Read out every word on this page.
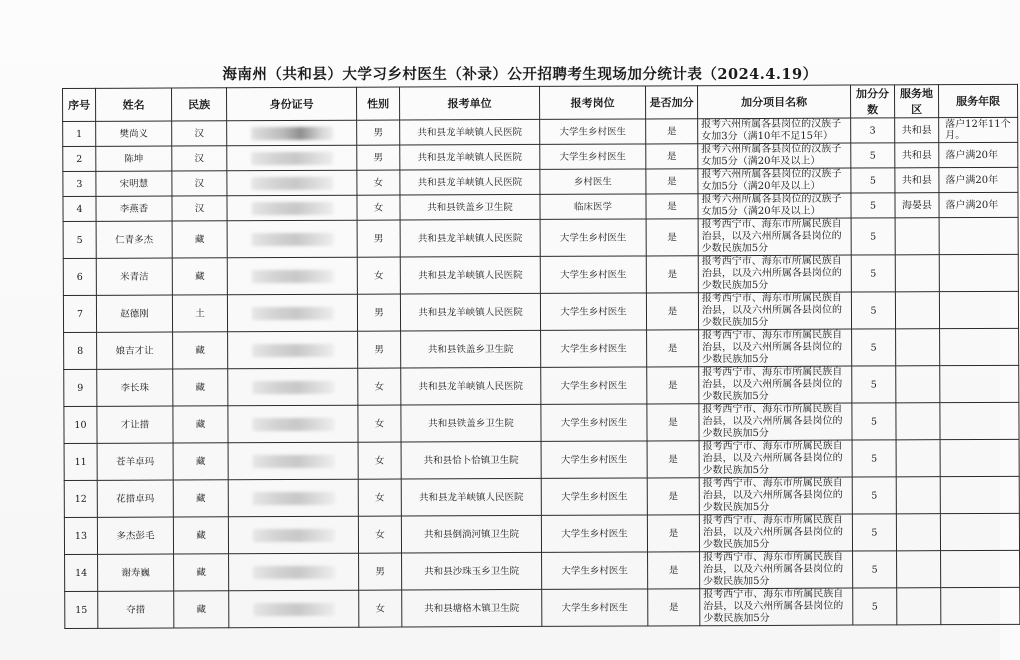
海南州（共和县）大学习乡村医生（补录）公开招聘考生现场加分统计表（2024.4.19）
序号	姓名	民族	身份证号	性别	报考单位	报考岗位	是否加分	加分项目名称	加分分数	服务地区	服务年限
1	樊尚义	汉		男	共和县龙羊峡镇人民医院	大学生乡村医生	是	报考六州所属各县岗位的汉族子女加3分（满10年不足15年）	3	共和县	落户12年11个月。
2	陈坤	汉		男	共和县龙羊峡镇人民医院	大学生乡村医生	是	报考六州所属各县岗位的汉族子女加5分（满20年及以上）	5	共和县	落户满20年
3	宋明慧	汉		女	共和县龙羊峡镇人民医院	乡村医生	是	报考六州所属各县岗位的汉族子女加5分（满20年及以上）	5	共和县	落户满20年
4	李燕香	汉		女	共和县铁盖乡卫生院	临床医学	是	报考六州所属各县岗位的汉族子女加5分（满20年及以上）	5	海晏县	落户满20年
5	仁青多杰	藏		男	共和县龙羊峡镇人民医院	大学生乡村医生	是	报考西宁市、海东市所属民族自治县，以及六州所属各县岗位的少数民族加5分	5		
6	米青洁	藏		女	共和县龙羊峡镇人民医院	大学生乡村医生	是	报考西宁市、海东市所属民族自治县，以及六州所属各县岗位的少数民族加5分	5		
7	赵德刚	土		男	共和县龙羊峡镇人民医院	大学生乡村医生	是	报考西宁市、海东市所属民族自治县，以及六州所属各县岗位的少数民族加5分	5		
8	娘吉才让	藏		男	共和县铁盖乡卫生院	大学生乡村医生	是	报考西宁市、海东市所属民族自治县，以及六州所属各县岗位的少数民族加5分	5		
9	李长珠	藏		女	共和县龙羊峡镇人民医院	大学生乡村医生	是	报考西宁市、海东市所属民族自治县，以及六州所属各县岗位的少数民族加5分	5		
10	才让措	藏		女	共和县铁盖乡卫生院	大学生乡村医生	是	报考西宁市、海东市所属民族自治县，以及六州所属各县岗位的少数民族加5分	5		
11	苍羊卓玛	藏		女	共和县恰卜恰镇卫生院	大学生乡村医生	是	报考西宁市、海东市所属民族自治县，以及六州所属各县岗位的少数民族加5分	5		
12	花措卓玛	藏		女	共和县龙羊峡镇人民医院	大学生乡村医生	是	报考西宁市、海东市所属民族自治县，以及六州所属各县岗位的少数民族加5分	5		
13	多杰彭毛	藏		女	共和县倒淌河镇卫生院	大学生乡村医生	是	报考西宁市、海东市所属民族自治县，以及六州所属各县岗位的少数民族加5分	5		
14	谢寿巍	藏		男	共和县沙珠玉乡卫生院	大学生乡村医生	是	报考西宁市、海东市所属民族自治县，以及六州所属各县岗位的少数民族加5分	5		
15	夺措	藏		女	共和县塘格木镇卫生院	大学生乡村医生	是	报考西宁市、海东市所属民族自治县，以及六州所属各县岗位的少数民族加5分	5		
